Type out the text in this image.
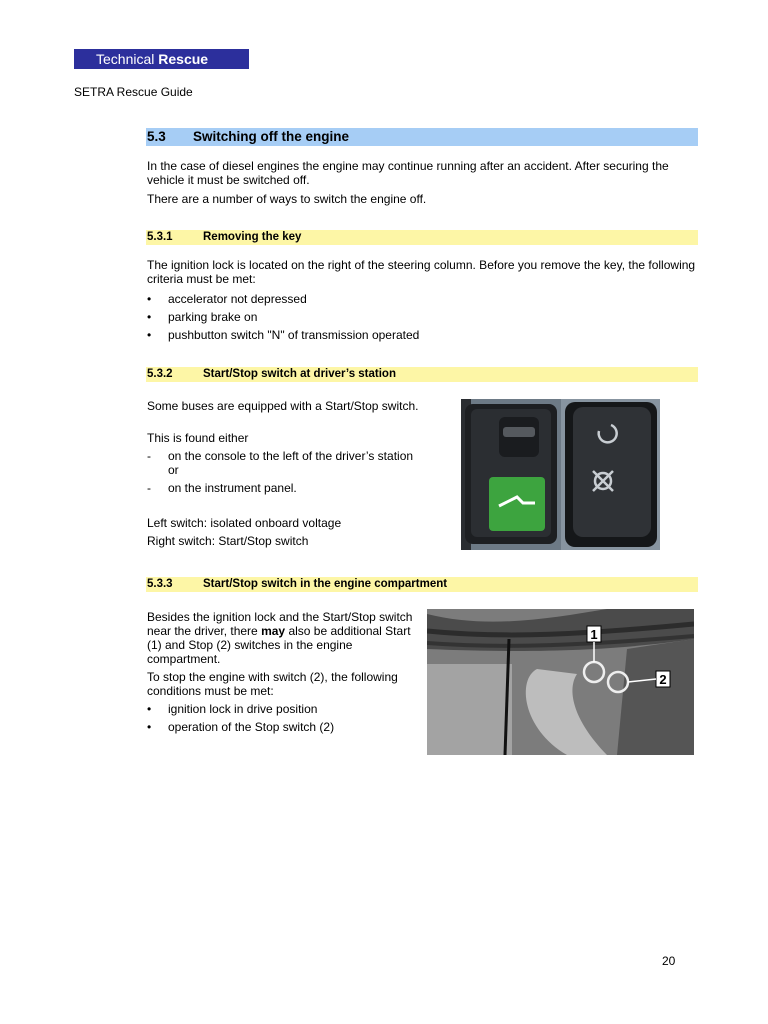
Technical Rescue
SETRA Rescue Guide
5.3 Switching off the engine
In the case of diesel engines the engine may continue running after an accident. After securing the vehicle it must be switched off.
There are a number of ways to switch the engine off.
5.3.1	Removing the key
The ignition lock is located on the right of the steering column. Before you remove the key, the following criteria must be met:
• accelerator not depressed
• parking brake on
• pushbutton switch "N" of transmission operated
5.3.2	Start/Stop switch at driver’s station
Some buses are equipped with a Start/Stop switch.
This is found either
- on the console to the left of the driver’s station or
- on the instrument panel.
Left switch: isolated onboard voltage
Right switch: Start/Stop switch
5.3.3	Start/Stop switch in the engine compartment
Besides the ignition lock and the Start/Stop switch near the driver, there may also be additional Start (1) and Stop (2) switches in the engine compartment.
To stop the engine with switch (2), the following conditions must be met:
• ignition lock in drive position
• operation of the Stop switch (2)
1
2
20
